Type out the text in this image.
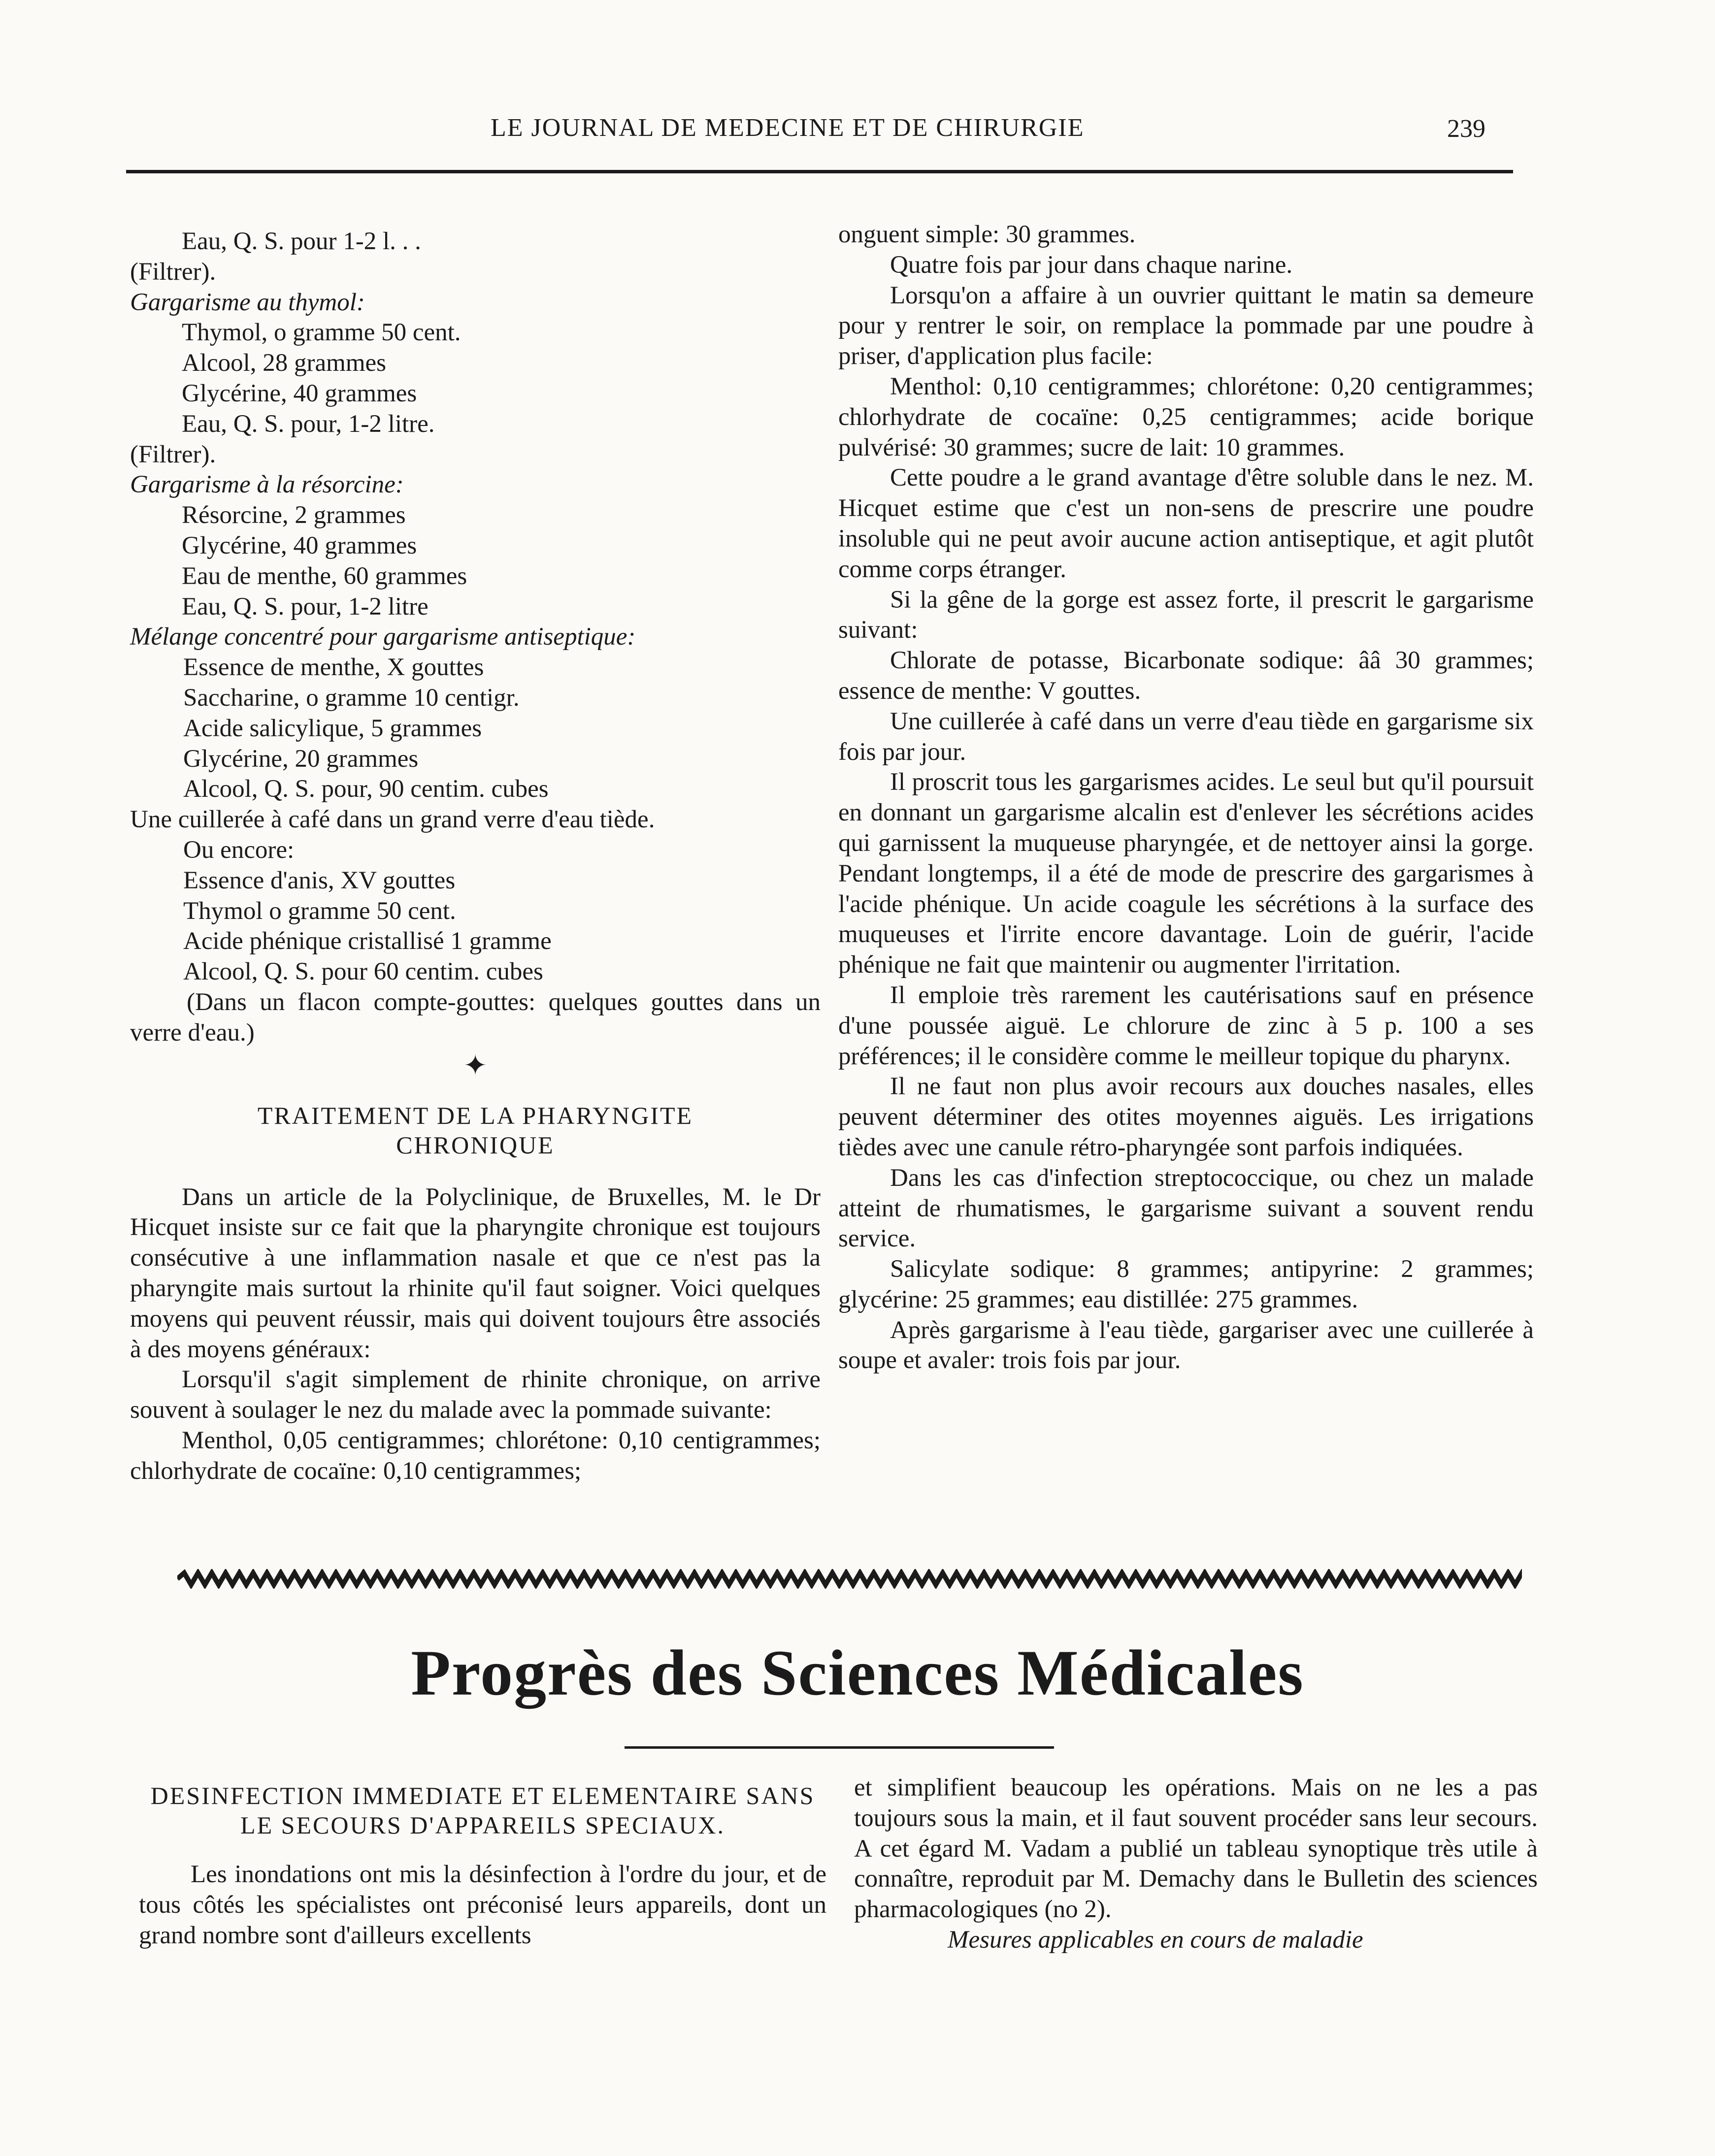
LE JOURNAL DE MEDECINE ET DE CHIRURGIE	239
Eau, Q. S. pour 1-2 l. . .
(Filtrer).
Gargarisme au thymol:
Thymol, o gramme 50 cent.
Alcool, 28 grammes
Glycérine, 40 grammes
Eau, Q. S. pour, 1-2 litre.
(Filtrer).
Gargarisme à la résorcine:
Résorcine, 2 grammes
Glycérine, 40 grammes
Eau de menthe, 60 grammes
Eau, Q. S. pour, 1-2 litre
Mélange concentré pour gargarisme antiseptique:
Essence de menthe, X gouttes
Saccharine, o gramme 10 centigr.
Acide salicylique, 5 grammes
Glycérine, 20 grammes
Alcool, Q. S. pour, 90 centim. cubes
Une cuillerée à café dans un grand verre d'eau tiède.
Ou encore:
Essence d'anis, XV gouttes
Thymol o gramme 50 cent.
Acide phénique cristallisé 1 gramme
Alcool, Q. S. pour 60 centim. cubes

(Dans un flacon compte-gouttes: quelques gouttes dans un verre d'eau.)

✦
TRAITEMENT DE LA PHARYNGITE CHRONIQUE

Dans un article de la Polyclinique, de Bruxelles, M. le Dr Hicquet insiste sur ce fait que la pharyngite chronique est toujours consécutive à une inflammation nasale et que ce n'est pas la pharyngite mais surtout la rhinite qu'il faut soigner. Voici quelques moyens qui peuvent réussir, mais qui doivent toujours être associés à des moyens généraux:

Lorsqu'il s'agit simplement de rhinite chronique, on arrive souvent à soulager le nez du malade avec la pommade suivante:

Menthol, 0,05 centigrammes; chlorétone: 0,10 centigrammes; chlorhydrate de cocaïne: 0,10 centigrammes;

onguent simple: 30 grammes.

Quatre fois par jour dans chaque narine.

Lorsqu'on a affaire à un ouvrier quittant le matin sa demeure pour y rentrer le soir, on remplace la pommade par une poudre à priser, d'application plus facile:

Menthol: 0,10 centigrammes; chlorétone: 0,20 centigrammes; chlorhydrate de cocaïne: 0,25 centigrammes; acide borique pulvérisé: 30 grammes; sucre de lait: 10 grammes.

Cette poudre a le grand avantage d'être soluble dans le nez. M. Hicquet estime que c'est un non-sens de prescrire une poudre insoluble qui ne peut avoir aucune action antiseptique, et agit plutôt comme corps étranger.

Si la gêne de la gorge est assez forte, il prescrit le gargarisme suivant:

Chlorate de potasse, Bicarbonate sodique: ââ 30 grammes; essence de menthe: V gouttes.

Une cuillerée à café dans un verre d'eau tiède en gargarisme six fois par jour.

Il proscrit tous les gargarismes acides. Le seul but qu'il poursuit en donnant un gargarisme alcalin est d'enlever les sécrétions acides qui garnissent la muqueuse pharyngée, et de nettoyer ainsi la gorge. Pendant longtemps, il a été de mode de prescrire des gargarismes à l'acide phénique. Un acide coagule les sécrétions à la surface des muqueuses et l'irrite encore davantage. Loin de guérir, l'acide phénique ne fait que maintenir ou augmenter l'irritation.

Il emploie très rarement les cautérisations sauf en présence d'une poussée aiguë. Le chlorure de zinc à 5 p. 100 a ses préférences; il le considère comme le meilleur topique du pharynx.

Il ne faut non plus avoir recours aux douches nasales, elles peuvent déterminer des otites moyennes aiguës. Les irrigations tièdes avec une canule rétro-pharyngée sont parfois indiquées.

Dans les cas d'infection streptococcique, ou chez un malade atteint de rhumatismes, le gargarisme suivant a souvent rendu service.

Salicylate sodique: 8 grammes; antipyrine: 2 grammes; glycérine: 25 grammes; eau distillée: 275 grammes.

Après gargarisme à l'eau tiède, gargariser avec une cuillerée à soupe et avaler: trois fois par jour.

Progrès des Sciences Médicales
DESINFECTION IMMEDIATE ET ELEMENTAIRE SANS LE SECOURS D'APPAREILS SPECIAUX.

Les inondations ont mis la désinfection à l'ordre du jour, et de tous côtés les spécialistes ont préconisé leurs appareils, dont un grand nombre sont d'ailleurs excellents

et simplifient beaucoup les opérations. Mais on ne les a pas toujours sous la main, et il faut souvent procéder sans leur secours. A cet égard M. Vadam a publié un tableau synoptique très utile à connaître, reproduit par M. Demachy dans le Bulletin des sciences pharmacologiques (no 2).

Mesures applicables en cours de maladie
